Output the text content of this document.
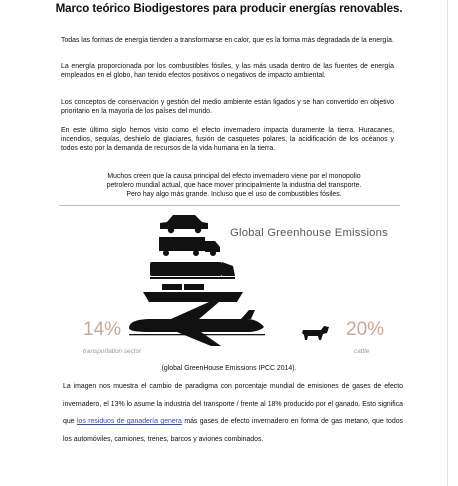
Marco teórico Biodigestores para producir energías renovables.

Todas las formas de energía tienden a transformarse en calor, que es la forma más degradada de la energía.

La energía proporcionada por los combustibles fósiles, y las más usada dentro de las fuentes de energía empleados en el globo, han tenido efectos positivos o negativos de impacto ambiental.

Los conceptos de conservación y gestión del medio ambiente están ligados y se han convertido en objetivo prioritario en la mayoría de los países del mundo.

En este último siglo hemos visto como el efecto invernadero impacta duramente la tierra. Huracanes, incendios, sequías, deshielo de glaciares, fusión de casquetes polares, la acidificación de los océanos y todos esto por la demanda de recursos de la vida humana en la tierra.

Muchos creen que la causa principal del efecto invernadero viene por el monopolio petrolero mundial actual, que hace mover principalmente la industria del transporte. Pero hay algo más grande. Incluso que el uso de combustibles fósiles.

Global Greenhouse Emissions
14%
transportation sector
20%
cattle
(global GreenHouse Emissions IPCC 2014).

La imagen nos muestra el cambio de paradigma con porcentaje mundial de emisiones de gases de efecto invernadero, el 13% lo asume la industria del transporte / frente al 18% producido por el ganado. Esto significa que los residuos de ganadería genera más gases de efecto invernadero en forma de gas metano, que todos los automóviles, camiones, trenes, barcos y aviones combinados.
